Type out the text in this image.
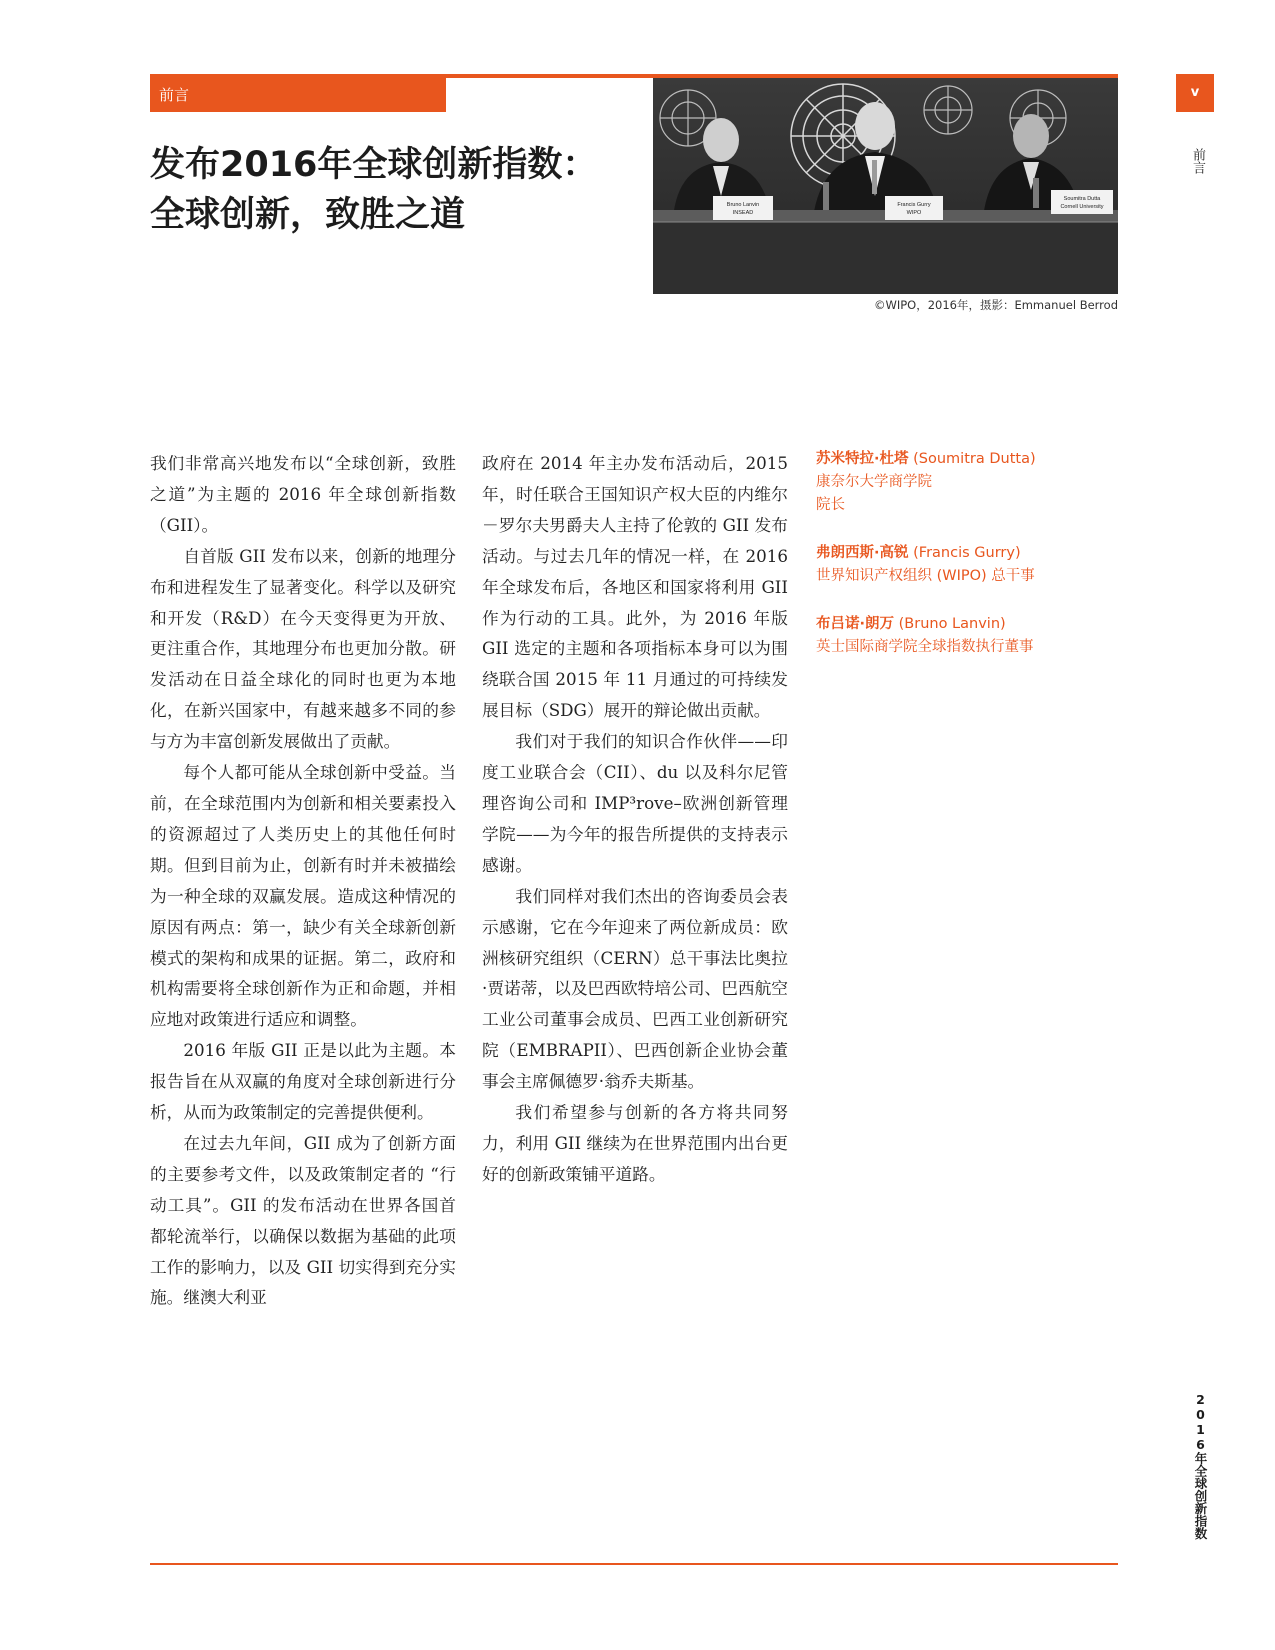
前言
发布2016年全球创新指数：
全球创新，致胜之道	Bruno Lanvin
INSEAD
Francis Gurry
WIPO
Soumitra Dutta
Cornell University
©WIPO，2016年，摄影：Emmanuel Berrod
v
前言
2016年全球创新指数

我们非常高兴地发布以“全球创新，致胜之道”为主题的 2016 年全球创新指数（GII）。

自首版 GII 发布以来，创新的地理分布和进程发生了显著变化。科学以及研究和开发（R&D）在今天变得更为开放、更注重合作，其地理分布也更加分散。研发活动在日益全球化的同时也更为本地化，在新兴国家中，有越来越多不同的参与方为丰富创新发展做出了贡献。

每个人都可能从全球创新中受益。当前，在全球范围内为创新和相关要素投入的资源超过了人类历史上的其他任何时期。但到目前为止，创新有时并未被描绘为一种全球的双赢发展。造成这种情况的原因有两点：第一，缺少有关全球新创新模式的架构和成果的证据。第二，政府和机构需要将全球创新作为正和命题，并相应地对政策进行适应和调整。

2016 年版 GII 正是以此为主题。本报告旨在从双赢的角度对全球创新进行分析，从而为政策制定的完善提供便利。

在过去九年间，GII 成为了创新方面的主要参考文件，以及政策制定者的 “行动工具”。GII 的发布活动在世界各国首都轮流举行，以确保以数据为基础的此项工作的影响力，以及 GII 切实得到充分实施。继澳大利亚

政府在 2014 年主办发布活动后，2015 年，时任联合王国知识产权大臣的内维尔－罗尔夫男爵夫人主持了伦敦的 GII 发布活动。与过去几年的情况一样，在 2016 年全球发布后，各地区和国家将利用 GII 作为行动的工具。此外，为 2016 年版 GII 选定的主题和各项指标本身可以为围绕联合国 2015 年 11 月通过的可持续发展目标（SDG）展开的辩论做出贡献。

我们对于我们的知识合作伙伴——印度工业联合会（CII）、du 以及科尔尼管理咨询公司和 IMP³rove–欧洲创新管理学院——为今年的报告所提供的支持表示感谢。

我们同样对我们杰出的咨询委员会表示感谢，它在今年迎来了两位新成员：欧洲核研究组织（CERN）总干事法比奥拉·贾诺蒂，以及巴西欧特培公司、巴西航空工业公司董事会成员、巴西工业创新研究院（EMBRAPII）、巴西创新企业协会董事会主席佩德罗·翁乔夫斯基。

我们希望参与创新的各方将共同努力，利用 GII 继续为在世界范围内出台更好的创新政策铺平道路。

苏米特拉·杜塔 (Soumitra Dutta)
康奈尔大学商学院
院长
弗朗西斯·高锐 (Francis Gurry)
世界知识产权组织 (WIPO) 总干事
布吕诺·朗万 (Bruno Lanvin)
英士国际商学院全球指数执行董事
